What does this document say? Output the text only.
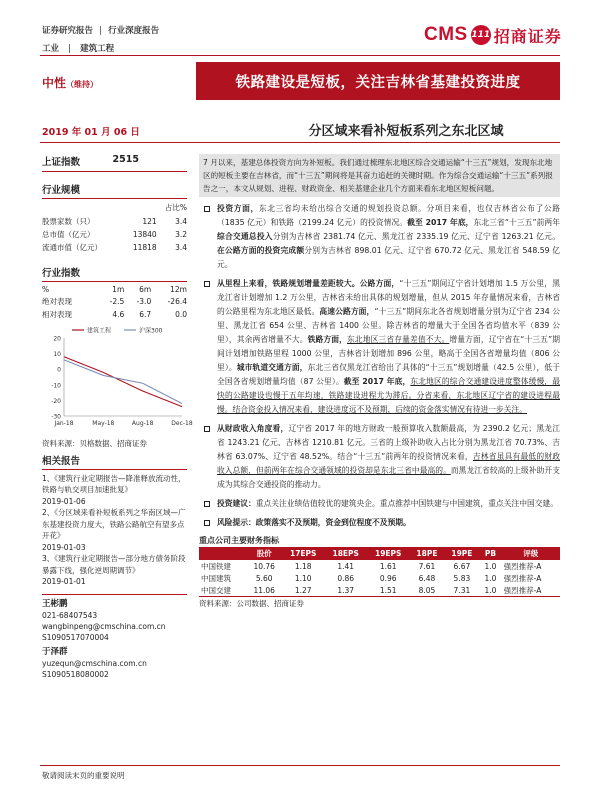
证券研究报告 | 行业深度报告
工业 | 建筑工程
CMS 111 招商证券
中性（维持）	铁路建设是短板，关注吉林省基建投资进度
2019 年 01 月 06 日	分区域来看补短板系列之东北区域
上证指数	2515
行业规模
		占比%
股票家数（只）	121	3.4
总市值（亿元）	13840	3.2
流通市值（亿元）	11818	3.4
行业指数
%	1m	6m	12m
绝对表现	-2.5	-3.0	-26.4
相对表现	4.6	6.7	0.0
20
10
0
-10
-20
-30
Jan-18	May-18	Aug-18	Dec-18
建筑工程	沪深300
资料来源：贝格数据、招商证券
相关报告
1、《建筑行业定期报告—降准释放流动性，铁路与轨交项目加速批复》
2019-01-06
2、《分区域来看补短板系列之华南区域—广东基建投资力度大，铁路公路航空有望多点开花》
2019-01-03
3、《建筑行业定期报告—部分地方债务阶段暴露下线，强化逆周期调节》
2019-01-01
王彬鹏
021-68407543
wangbinpeng@cmschina.com.cn
S1090517070004
于泽群
yuzequn@cmschina.com.cn
S1090518080002
7 月以来，基建总体投资方向为补短板。我们通过梳理东北地区综合交通运输“十三五”规划，发现东北地区的短板主要在吉林省，而“十三五”期间将是其奋力追赶的关键时期。作为综合交通运输“十三五”系列报告之一，本文从规划、进程、财政资金、相关基建企业几个方面来看东北地区短板问题。
投资方面，东北三省均未给出综合交通的规划投资总额。分项目来看，也仅吉林省公布了公路（1835 亿元）和铁路（2199.24 亿元）的投资情况。截至 2017 年底，东北三省“十三五”前两年综合交通总投入分别为吉林省 2381.74 亿元、黑龙江省 2335.19 亿元、辽宁省 1263.21 亿元。在公路方面的投资完成额分别为吉林省 898.01 亿元、辽宁省 670.72 亿元、黑龙江省 548.59 亿元。
从里程上来看，铁路规划增量差距较大。公路方面，“十三五”期间辽宁省计划增加 1.5 万公里，黑龙江省计划增加 1.2 万公里，吉林省未给出具体的规划增量，但从 2015 年存量情况来看，吉林省的公路里程为东北地区最低。高速公路方面，“十三五”期间东北各省规划增量分别为辽宁省 234 公里、黑龙江省 654 公里、吉林省 1400 公里。除吉林省的增量大于全国各省均值水平（839 公里），其余两省增量不大。铁路方面，东北地区三省存量差值不大。增量方面，辽宁省在“十三五”期间计划增加铁路里程 1000 公里，吉林省计划增加 896 公里，略高于全国各省增量均值（806 公里）。城市轨道交通方面，东北三省仅黑龙江省给出了具体的“十三五”规划增量（42.5 公里），低于全国各省规划增量均值（87 公里）。截至 2017 年底，东北地区的综合交通建设进度整体缓慢，最快的公路建设也慢于五年均速，铁路建设进程尤为滞后。分省来看，东北地区辽宁省的建设进程最慢。结合资金投入情况来看，建设进度远不及预期，后续的资金落实情况有待进一步关注。
从财政收入角度看，辽宁省 2017 年的地方财政一般预算收入数额最高，为 2390.2 亿元；黑龙江省 1243.21 亿元、吉林省 1210.81 亿元。三省的上级补助收入占比分别为黑龙江省 70.73%、吉林省 63.07%、辽宁省 48.52%。结合“十三五”前两年的投资情况来看，吉林省虽具有最低的财政收入总额，但前两年在综合交通领域的投资却是东北三省中最高的。而黑龙江省较高的上级补助开支成为其综合交通投资的推动力。
投资建议：重点关注业绩估值较优的建筑央企。重点推荐中国铁建与中国建筑，重点关注中国交建。
风险提示：政策落实不及预期，资金到位程度不及预期。
重点公司主要财务指标
	股价	17EPS	18EPS	19EPS	18PE	19PE	PB	评级
中国铁建	10.76	1.18	1.41	1.61	7.61	6.67	1.0	强烈推荐-A
中国建筑	5.60	1.10	0.86	0.96	6.48	5.83	1.0	强烈推荐-A
中国交建	11.06	1.27	1.37	1.51	8.05	7.31	1.0	强烈推荐-A
资料来源：公司数据、招商证券
敬请阅读末页的重要说明
